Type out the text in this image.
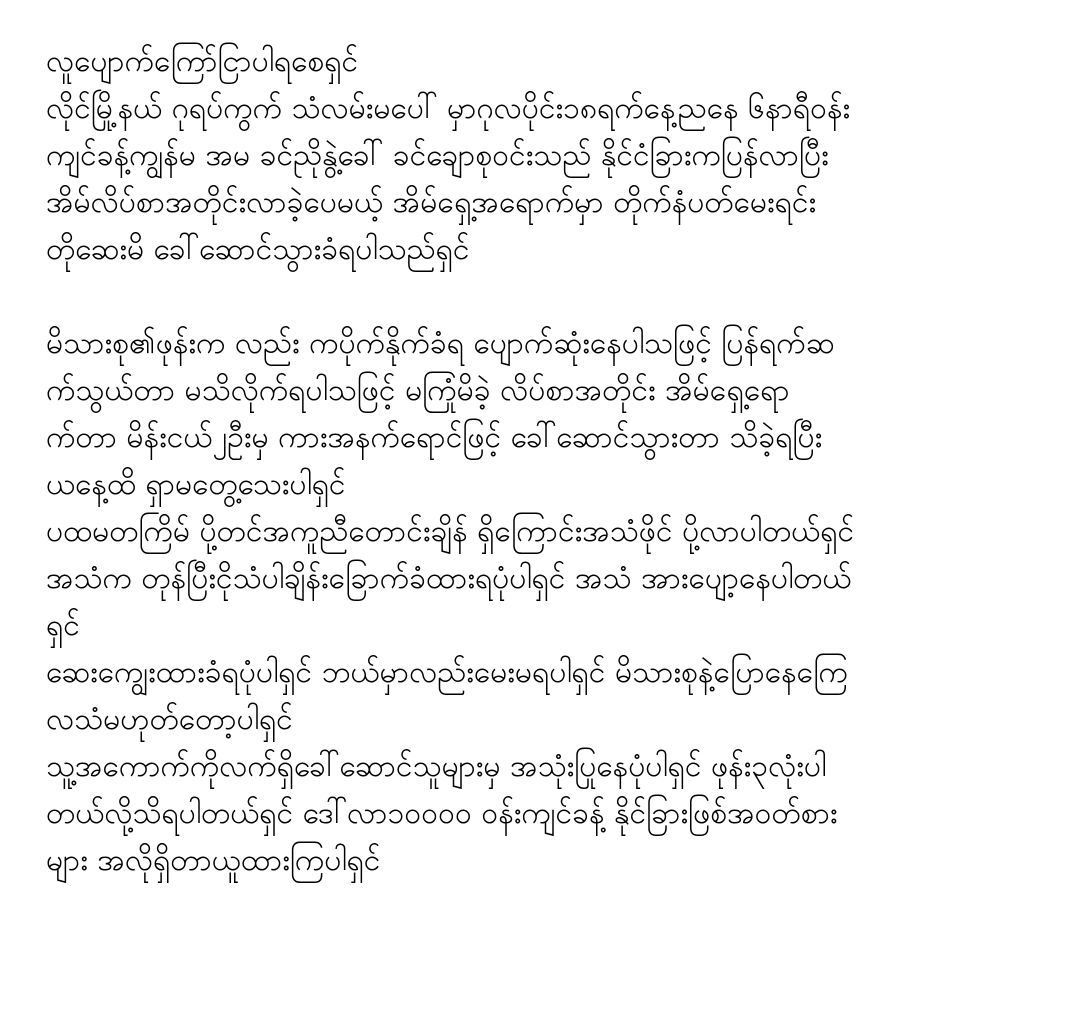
လူပျောက်ကြော်ငြာပါရစေရှင်
လိုင်မြို့နယ် ဂုရပ်ကွက် သံလမ်းမပေါ် မှာဂုလပိုင်း၁၈ရက်နေ့ညနေ ၆နာရီ၀န်း
ကျင်ခန့်ကျွန်မ အမ ခင်ညိုနွဲ့ခေါ် ခင်ချောစုဝင်းသည် နိုင်ငံခြားကပြန်လာပြီး
အိမ်လိပ်စာအတိုင်းလာခဲ့ပေမယ့် အိမ်ရှေ့အရောက်မှာ တိုက်နံပတ်မေးရင်း
တိုဆေးမိ ခေါ်ဆောင်သွားခံရပါသည်ရှင်
မိသားစု၏ဖုန်းက လည်း ကပိုက်နိုက်ခံရ ပျောက်ဆုံးနေပါသဖြင့် ပြန်ရက်ဆ
က်သွယ်တာ မသိလိုက်ရပါသဖြင့် မကြုံမိခဲ့ လိပ်စာအတိုင်း အိမ်ရှေ့ရော
က်တာ မိန်းငယ်၂ဦးမှ ကားအနက်ရောင်ဖြင့် ခေါ်ဆောင်သွားတာ သိခဲ့ရပြီး
ယနေ့ထိ ရှာမတွေ့သေးပါရှင်
ပထမတကြိမ် ပို့တင်အကူညီတောင်းချိန် ရှိကြောင်းအသံဖိုင် ပို့လာပါတယ်ရှင်
အသံက တုန်ပြီးငိုသံပါချိန်းခြောက်ခံထားရပုံပါရှင် အသံ အားပျော့နေပါတယ်
ရှင်
ဆေးကျွေးထားခံရပုံပါရှင် ဘယ်မှာလည်းမေးမရပါရှင် မိသားစုနဲ့ပြောနေကြေ
လသံမဟုတ်တော့ပါရှင်
သူ့အကောက်ကိုလက်ရှိခေါ်ဆောင်သူများမှ အသုံးပြုနေပုံပါရှင် ဖုန်း၃လုံးပါ
တယ်လို့သိရပါတယ်ရှင် ဒေါ်လာ၁၀၀၀၀ ဝန်းကျင်ခန့် နိုင်ခြားဖြစ်အဝတ်စား
များ အလိုရှိတာယူထားကြပါရှင်
